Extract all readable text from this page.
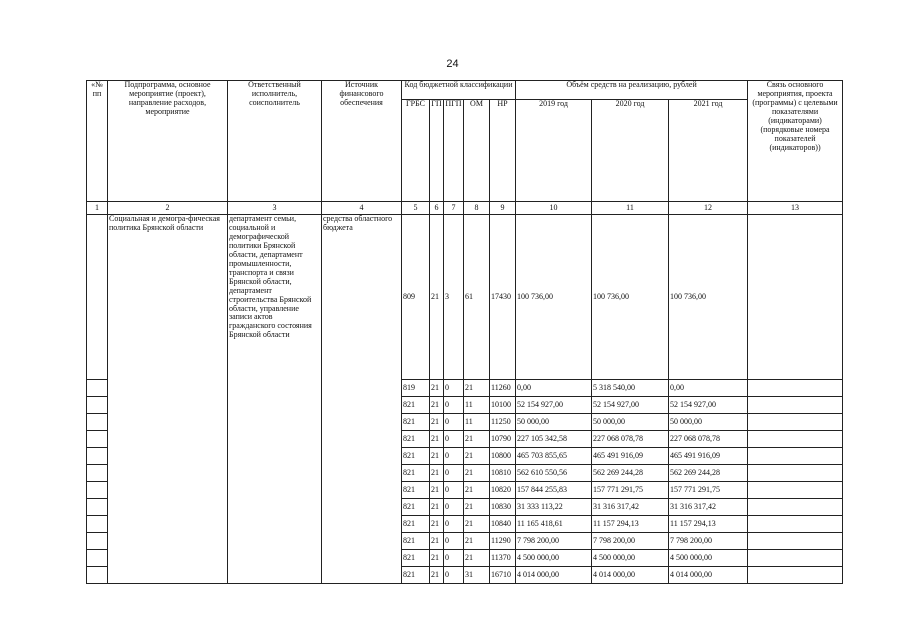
24
«№ пп	Подпрограмма, основное мероприятие (проект), направление расходов, мероприятие	Ответственный исполнитель, соисполнитель	Источник финансового обеспечения	Код бюджетной классификации					Объём средств на реализацию, рублей			Связь основного мероприятия, проекта (программы) с целевыми показателями (индикаторами) (порядковые номера показателей (индикаторов))
				ГРБС	ГП	ПГП	ОМ	НР	2019 год	2020 год	2021 год	
1	2	3	4	5	6	7	8	9	10	11	12	13
	Социальная и демогра-фическая политика Брянской области	департамент семьи, социальной и демографической политики Брянской области, департамент промышленности, транспорта и связи Брянской области, департамент строительства Брянской области, управление записи актов гражданского состояния Брянской области	средства областного бюджета	809	21	3	61	17430	100 736,00	100 736,00	100 736,00	
				819	21	0	21	11260	0,00	5 318 540,00	0,00	
				821	21	0	11	10100	52 154 927,00	52 154 927,00	52 154 927,00	
				821	21	0	11	11250	50 000,00	50 000,00	50 000,00	
				821	21	0	21	10790	227 105 342,58	227 068 078,78	227 068 078,78	
				821	21	0	21	10800	465 703 855,65	465 491 916,09	465 491 916,09	
				821	21	0	21	10810	562 610 550,56	562 269 244,28	562 269 244,28	
				821	21	0	21	10820	157 844 255,83	157 771 291,75	157 771 291,75	
				821	21	0	21	10830	31 333 113,22	31 316 317,42	31 316 317,42	
				821	21	0	21	10840	11 165 418,61	11 157 294,13	11 157 294,13	
				821	21	0	21	11290	7 798 200,00	7 798 200,00	7 798 200,00	
				821	21	0	21	11370	4 500 000,00	4 500 000,00	4 500 000,00	
				821	21	0	31	16710	4 014 000,00	4 014 000,00	4 014 000,00	
